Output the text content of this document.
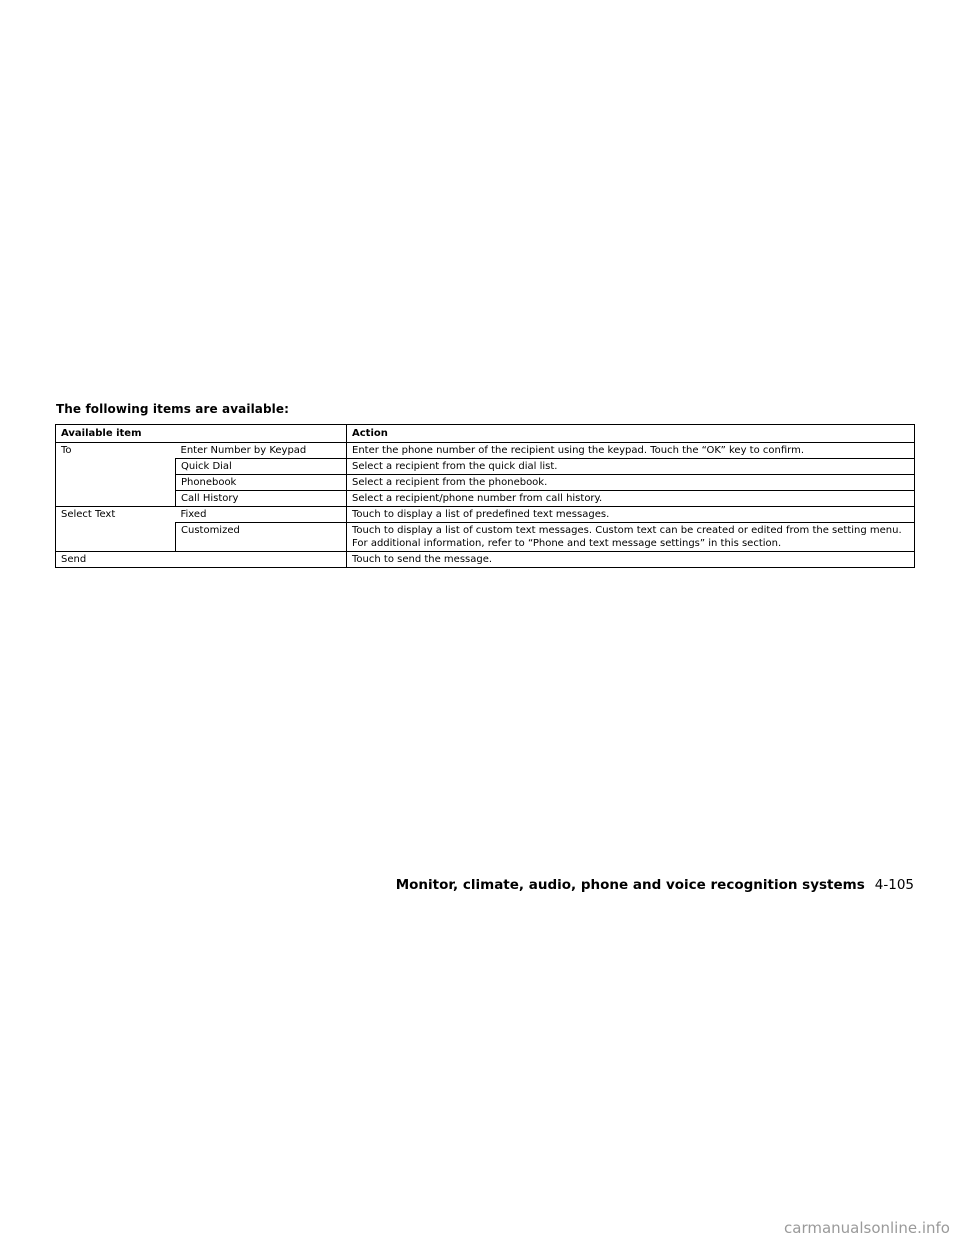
The following items are available:
Available item		Action
To	Enter Number by Keypad	Enter the phone number of the recipient using the keypad. Touch the “OK” key to confirm.
	Quick Dial	Select a recipient from the quick dial list.
	Phonebook	Select a recipient from the phonebook.
	Call History	Select a recipient/phone number from call history.
Select Text	Fixed	Touch to display a list of predefined text messages.
	Customized	Touch to display a list of custom text messages. Custom text can be created or edited from the setting menu. For additional information, refer to “Phone and text message settings” in this section.
Send		Touch to send the message.
Monitor, climate, audio, phone and voice recognition systems 4-105
carmanualsonline.info
